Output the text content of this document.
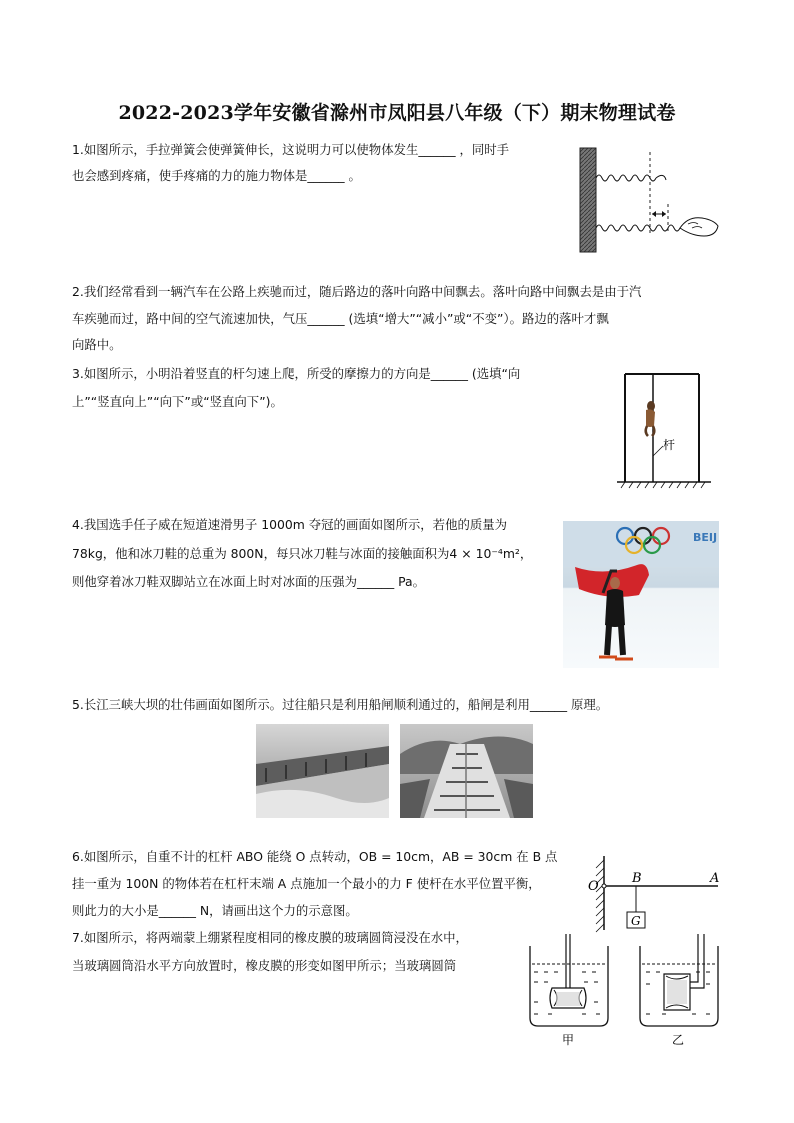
2022-2023学年安徽省滁州市凤阳县八年级（下）期末物理试卷
1.如图所示，手拉弹簧会使弹簧伸长，这说明力可以使物体发生______ ，同时手
也会感到疼痛，使手疼痛的力的施力物体是______ 。
2.我们经常看到一辆汽车在公路上疾驰而过，随后路边的落叶向路中间飘去。落叶向路中间飘去是由于汽
车疾驰而过，路中间的空气流速加快，气压______ (选填“增大”“减小”或“不变”）。路边的落叶才飘
向路中。
3.如图所示，小明沿着竖直的杆匀速上爬，所受的摩擦力的方向是______ (选填“向
上”“竖直向上”“向下”或“竖直向下”)。
杆
4.我国选手任子威在短道速滑男子 1000m 夺冠的画面如图所示，若他的质量为
78kg，他和冰刀鞋的总重为 800N，每只冰刀鞋与冰面的接触面积为4 × 10⁻⁴m²，
则他穿着冰刀鞋双脚站立在冰面上时对冰面的压强为______ Pa。
BEIJ
5.长江三峡大坝的壮伟画面如图所示。过往船只是利用船闸顺利通过的，船闸是利用______ 原理。
6.如图所示，自重不计的杠杆 ABO 能绕 O 点转动，OB = 10cm，AB = 30cm 在 B 点
挂一重为 100N 的物体若在杠杆末端 A 点施加一个最小的力 F 使杆在水平位置平衡，
则此力的大小是______ N，请画出这个力的示意图。
O
B	A
G
7.如图所示，将两端蒙上绷紧程度相同的橡皮膜的玻璃圆筒浸没在水中，
当玻璃圆筒沿水平方向放置时，橡皮膜的形变如图甲所示；当玻璃圆筒
甲	乙
